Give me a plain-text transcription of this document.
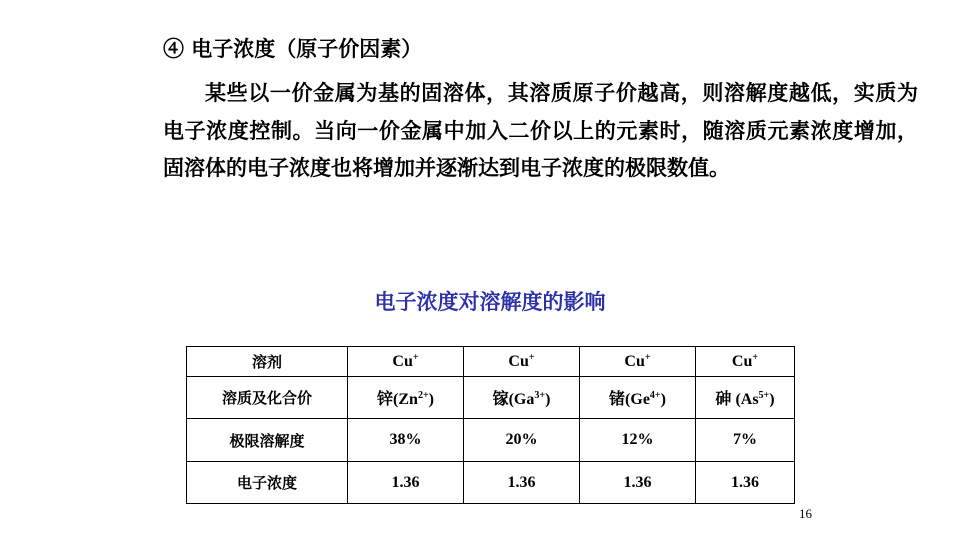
④ 电子浓度（原子价因素）

某些以一价金属为基的固溶体，其溶质原子价越高，则溶解度越低，实质为电子浓度控制。当向一价金属中加入二价以上的元素时，随溶质元素浓度增加，固溶体的电子浓度也将增加并逐渐达到电子浓度的极限数值。

电子浓度对溶解度的影响
溶剂	Cu+	Cu+	Cu+	Cu+
溶质及化合价	锌$(Zn^{2+})$	镓$(Ga^{3+})$	锗$(Ge^{4+})$	砷 $(As^{5+})$
极限溶解度	38%	20%	12%	7%
电子浓度	1.36	1.36	1.36	1.36
16
